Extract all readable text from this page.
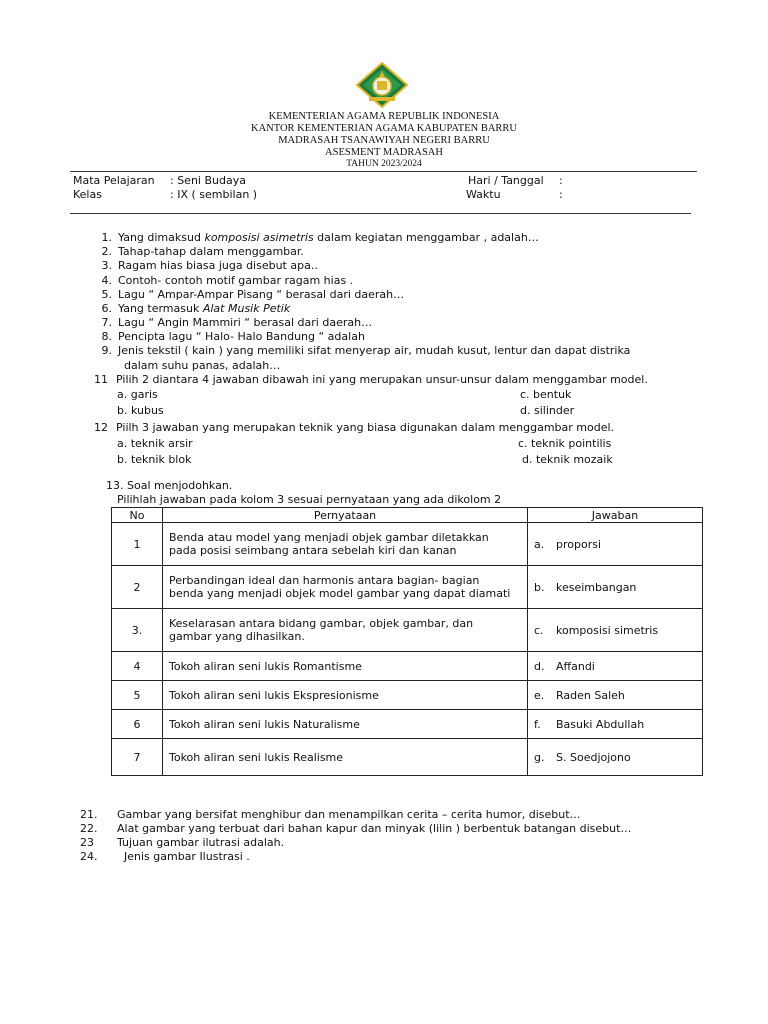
KEMENTERIAN AGAMA REPUBLIK INDONESIA
KANTOR KEMENTERIAN AGAMA KABUPATEN BARRU
MADRASAH TSANAWIYAH NEGERI BARRU
ASESMENT MADRASAH
TAHUN 2023/2024
Mata Pelajaran : Seni Budaya	Hari / Tanggal :
Kelas	: IX ( sembilan )	Waktu	:
1. Yang dimaksud komposisi asimetris dalam kegiatan menggambar , adalah…
2. Tahap-tahap dalam menggambar.
3. Ragam hias biasa juga disebut apa..
4. Contoh- contoh motif gambar ragam hias .
5. Lagu “ Ampar-Ampar Pisang “ berasal dari daerah…
6. Yang termasuk Alat Musik Petik
7. Lagu “ Angin Mammiri “ berasal dari daerah…
8. Pencipta lagu “ Halo- Halo Bandung “ adalah
9. Jenis tekstil ( kain ) yang memiliki sifat menyerap air, mudah kusut, lentur dan dapat distrika
dalam suhu panas, adalah…
11 Pilih 2 diantara 4 jawaban dibawah ini yang merupakan unsur-unsur dalam menggambar model.
a. garis
b. kubus
c. bentuk
d. silinder
12 Piilh 3 jawaban yang merupakan teknik yang biasa digunakan dalam menggambar model.
a. teknik arsir
b. teknik blok
c. teknik pointilis
d. teknik mozaik
13. Soal menjodohkan.
Pilihlah jawaban pada kolom 3 sesuai pernyataan yang ada dikolom 2
No	Pernyataan	Jawaban
1	Benda atau model yang menjadi objek gambar diletakkan
pada posisi seimbang antara sebelah kiri dan kanan	a. proporsi
2	Perbandingan ideal dan harmonis antara bagian- bagian
benda yang menjadi objek model gambar yang dapat diamati	b. keseimbangan
3.	Keselarasan antara bidang gambar, objek gambar, dan
gambar yang dihasilkan.	c. komposisi simetris
4	Tokoh aliran seni lukis Romantisme	d. Affandi
5	Tokoh aliran seni lukis Ekspresionisme	e. Raden Saleh
6	Tokoh aliran seni lukis Naturalisme	f. Basuki Abdullah
7	Tokoh aliran seni lukis Realisme	g. S. Soedjojono
21. Gambar yang bersifat menghibur dan menampilkan cerita – cerita humor, disebut…
22. Alat gambar yang terbuat dari bahan kapur dan minyak (lilin ) berbentuk batangan disebut…
23 Tujuan gambar ilutrasi adalah.
24.  Jenis gambar Ilustrasi .
